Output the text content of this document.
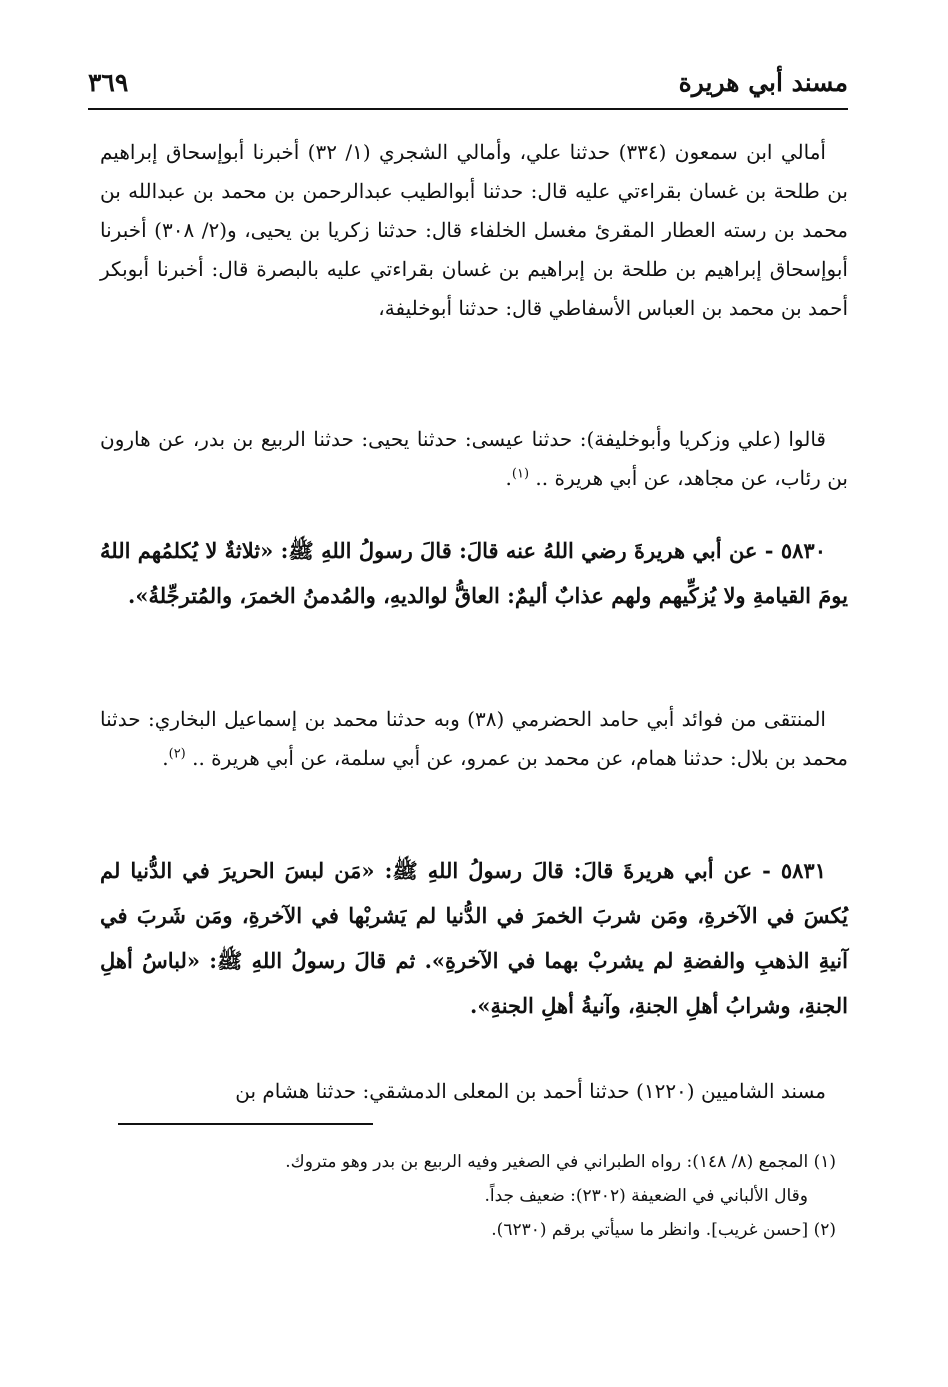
مسند أبي هريرة
٣٦٩

أمالي ابن سمعون (٣٣٤) حدثنا علي، وأمالي الشجري (١/ ٣٢) أخبرنا أبوإسحاق إبراهيم بن طلحة بن غسان بقراءتي عليه قال: حدثنا أبوالطيب عبدالرحمن بن محمد بن عبدالله بن محمد بن رسته العطار المقرئ مغسل الخلفاء قال: حدثنا زكريا بن يحيى، و(٢/ ٣٠٨) أخبرنا أبوإسحاق إبراهيم بن طلحة بن إبراهيم بن غسان بقراءتي عليه بالبصرة قال: أخبرنا أبوبكر أحمد بن محمد بن العباس الأسفاطي قال: حدثنا أبوخليفة،

قالوا (علي وزكريا وأبوخليفة): حدثنا عيسى: حدثنا يحيى: حدثنا الربيع بن بدر، عن هارون بن رئاب، عن مجاهد، عن أبي هريرة .. $^{(١)}$.

٥٨٣٠ - عن أبي هريرةَ رضي اللهُ عنه قالَ: قالَ رسولُ اللهِ ﷺ: «ثلاثةٌ لا يُكلمُهم اللهُ يومَ القيامةِ ولا يُزكِّيهم ولهم عذابٌ أليمٌ: العاقُّ لوالديهِ، والمُدمنُ الخمرَ، والمُترجِّلةُ».

المنتقى من فوائد أبي حامد الحضرمي (٣٨) وبه حدثنا محمد بن إسماعيل البخاري: حدثنا محمد بن بلال: حدثنا همام، عن محمد بن عمرو، عن أبي سلمة، عن أبي هريرة .. $^{(٢)}$.

٥٨٣١ - عن أبي هريرةَ قالَ: قالَ رسولُ اللهِ ﷺ: «مَن لبسَ الحريرَ في الدُّنيا لم يُكسَ في الآخرةِ، ومَن شربَ الخمرَ في الدُّنيا لم يَشربْها في الآخرةِ، ومَن شَربَ في آنيةِ الذهبِ والفضةِ لم يشربْ بهما في الآخرةِ». ثم قالَ رسولُ اللهِ ﷺ: «لباسُ أهلِ الجنةِ، وشرابُ أهلِ الجنةِ، وآنيةُ أهلِ الجنةِ».

مسند الشاميين (١٢٢٠) حدثنا أحمد بن المعلى الدمشقي: حدثنا هشام بن

(١) المجمع (٨/ ١٤٨): رواه الطبراني في الصغير وفيه الربيع بن بدر وهو متروك.

وقال الألباني في الضعيفة (٢٣٠٢): ضعيف جداً.

(٢) [حسن غريب]. وانظر ما سيأتي برقم (٦٢٣٠).
